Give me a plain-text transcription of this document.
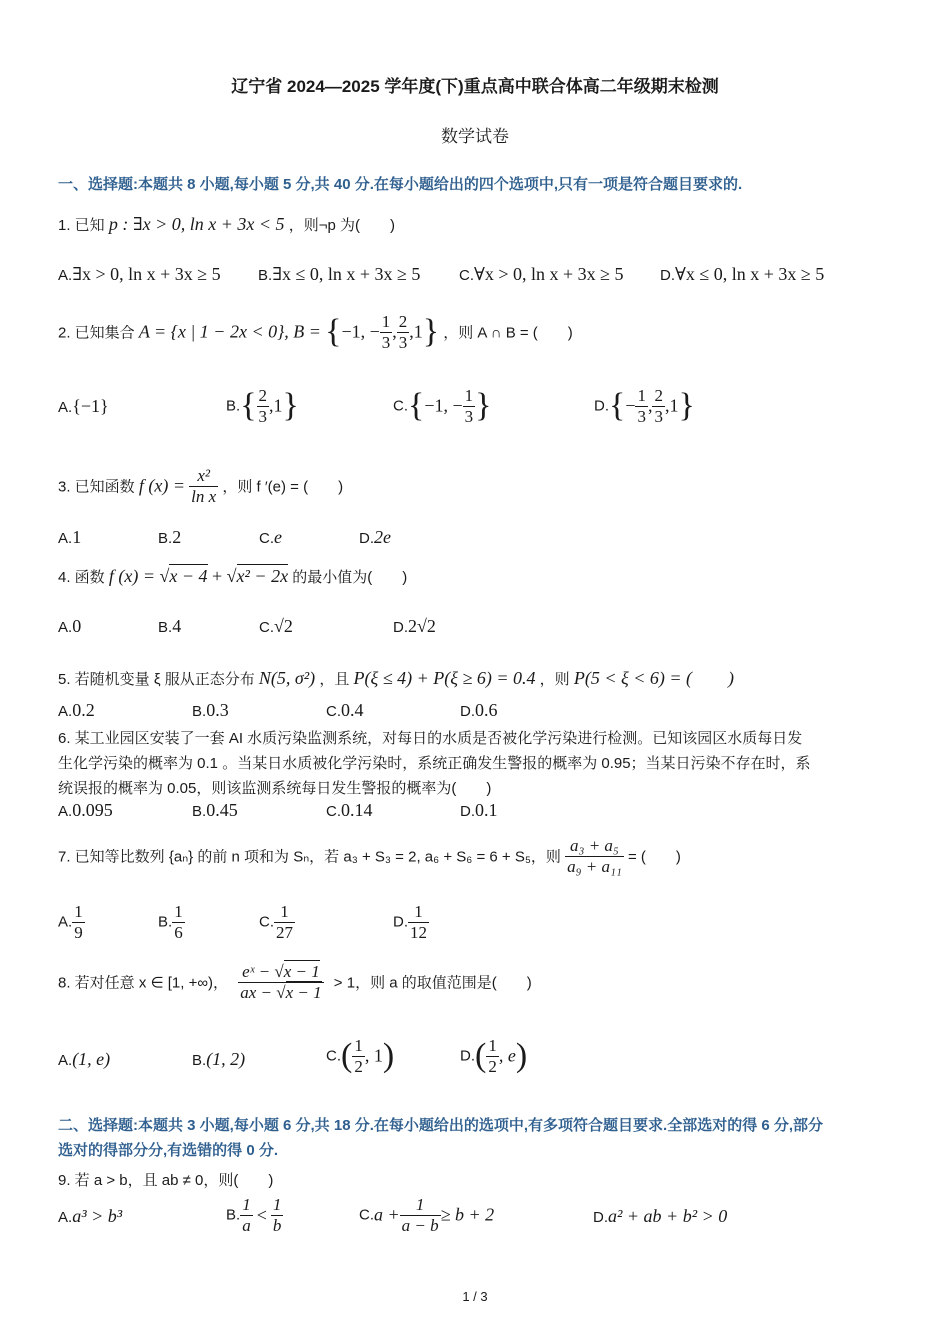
辽宁省 2024—2025 学年度(下)重点高中联合体高二年级期末检测
数学试卷
一、选择题:本题共 8 小题,每小题 5 分,共 40 分.在每小题给出的四个选项中,只有一项是符合题目要求的.
1. 已知 p : ∃x > 0, ln x + 3x < 5 ，则¬p 为(　　)
A.∃x > 0, ln x + 3x ≥ 5 B.∃x ≤ 0, ln x + 3x ≥ 5	C.∀x > 0, ln x + 3x ≥ 5 D.∀x ≤ 0, ln x + 3x ≥ 5
2. 已知集合 A = {x | 1 − 2x < 0}, B = {−1, − $\frac{1}{3}$ , $\frac{2}{3} ,1$} ，则 A ∩ B = (　　)
A.{−1}	$B.\{ \frac{2}{3} ,1\}$	C.{−1, − $\frac{1}{3}$ }	$D.\{- \frac{1}{3}$ , $\frac{2}{3} ,1$}
3. 已知函数 f $(x) = \frac{\text{x²}}{\text{ln x}}$ ，则 f ′(e) = (　　)
A.1	B.2	C.e	D.2e
4. 函数 f (x) = √x − 4 + √x² − 2x 的最小值为(　　)
A.0	B.4	C.√2	D.2√2
5. 若随机变量 ξ 服从正态分布 N(5, σ²) ，且 P(ξ ≤ 4) + P(ξ ≥ 6) = 0.4 ，则 P(5 < ξ < 6) = (　　)
A.0.2	B.0.3	C.0.4	D.0.6
6. 某工业园区安装了一套 AI 水质污染监测系统，对每日的水质是否被化学污染进行检测。已知该园区水质每日发
生化学污染的概率为 0.1 。当某日水质被化学污染时，系统正确发生警报的概率为 0.95；当某日污染不存在时，系
统误报的概率为 0.05，则该监测系统每日发生警报的概率为(　　)
A.0.095	B.0.45	C.0.14	D.0.1
7. 已知等比数列 {aₙ} 的前 n 项和为 Sₙ，若 a₃ + S₃ = 2, a₆ + S₆ = 6 + S₅，则 $\frac{\text{a₃ + a₅}}{\text{a₉ + a₁₁}}$ = (　　)
A. $\frac{1}{9}$	B. $\frac{1}{6}$	C. $\frac{1}{27}$	D. $\frac{1}{12}$
8. 若对任意 x ∈ [1, +∞)， $\frac{\text{eˣ − √x − 1}}{ax - √x - 1} > 1$，则 a 的取值范围是(　　)
A.(1, e)	B.(1, 2)	$C.( \frac{1}{2}$ , 1)	$D.( \frac{1}{2}$ , e)
二、选择题:本题共 3 小题,每小题 6 分,共 18 分.在每小题给出的选项中,有多项符合题目要求.全部选对的得 6 分,部分
选对的得部分分,有选错的得 0 分.
9. 若 a > b，且 ab ≠ 0，则(　　)
A.a³ > b³	B. $\frac{1}{a} < \frac{1}{b}$	$C.a + \frac{1}{a - b} \ge b + 2$	D.a² + ab + b² > 0
1 / 3
